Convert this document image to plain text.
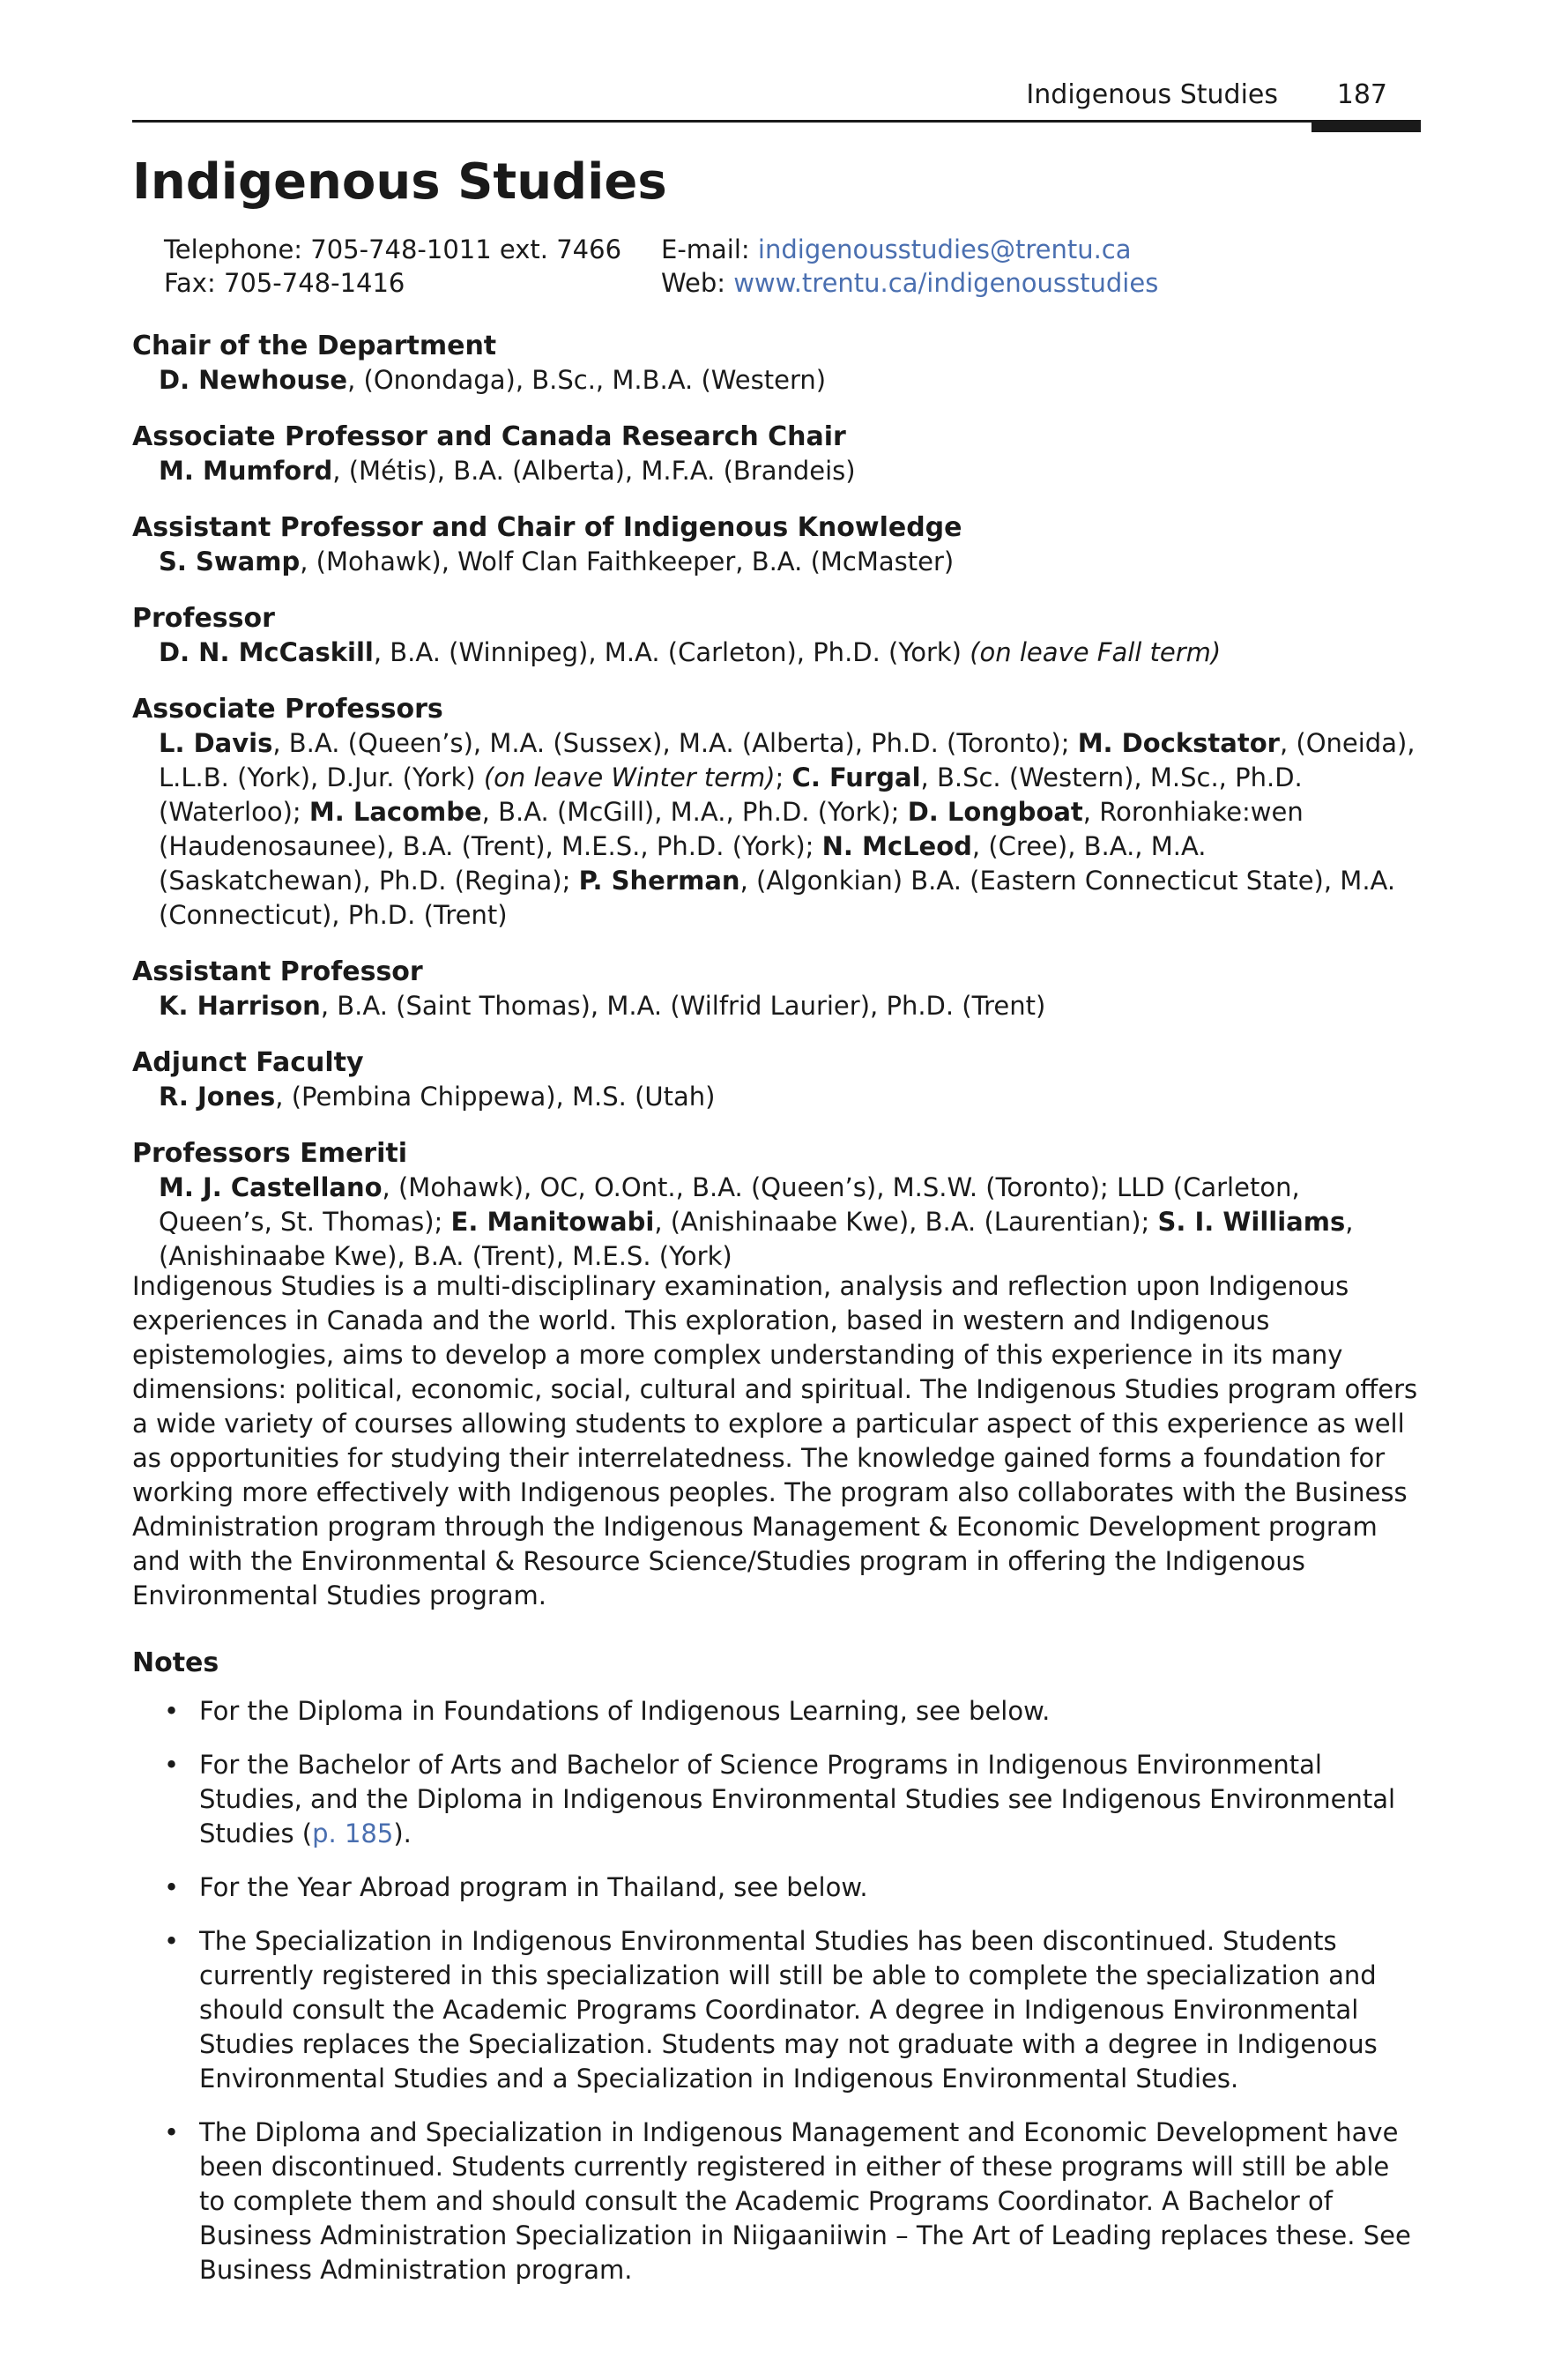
Indigenous Studies 187
Indigenous Studies
Telephone: 705-748-1011 ext. 7466
Fax: 705-748-1416
E-mail: indigenousstudies@trentu.ca
Web: www.trentu.ca/indigenousstudies
Chair of the Department
D. Newhouse, (Onondaga), B.Sc., M.B.A. (Western)
Associate Professor and Canada Research Chair
M. Mumford, (Métis), B.A. (Alberta), M.F.A. (Brandeis)
Assistant Professor and Chair of Indigenous Knowledge
S. Swamp, (Mohawk), Wolf Clan Faithkeeper, B.A. (McMaster)
Professor
D. N. McCaskill, B.A. (Winnipeg), M.A. (Carleton), Ph.D. (York) (on leave Fall term)
Associate Professors
L. Davis, B.A. (Queen’s), M.A. (Sussex), M.A. (Alberta), Ph.D. (Toronto); M. Dockstator, (Oneida), L.L.B. (York), D.Jur. (York) (on leave Winter term); C. Furgal, B.Sc. (Western), M.Sc., Ph.D. (Waterloo); M. Lacombe, B.A. (McGill), M.A., Ph.D. (York); D. Longboat, Roronhiake:wen (Haudenosaunee), B.A. (Trent), M.E.S., Ph.D. (York); N. McLeod, (Cree), B.A., M.A. (Saskatchewan), Ph.D. (Regina); P. Sherman, (Algonkian) B.A. (Eastern Connecticut State), M.A. (Connecticut), Ph.D. (Trent)
Assistant Professor
K. Harrison, B.A. (Saint Thomas), M.A. (Wilfrid Laurier), Ph.D. (Trent)
Adjunct Faculty
R. Jones, (Pembina Chippewa), M.S. (Utah)
Professors Emeriti
M. J. Castellano, (Mohawk), OC, O.Ont., B.A. (Queen’s), M.S.W. (Toronto); LLD (Carleton, Queen’s, St. Thomas); E. Manitowabi, (Anishinaabe Kwe), B.A. (Laurentian); S. I. Williams, (Anishinaabe Kwe), B.A. (Trent), M.E.S. (York)

Indigenous Studies is a multi-disciplinary examination, analysis and reflection upon Indigenous experiences in Canada and the world. This exploration, based in western and Indigenous epistemologies, aims to develop a more complex understanding of this experience in its many dimensions: political, economic, social, cultural and spiritual. The Indigenous Studies program offers a wide variety of courses allowing students to explore a particular aspect of this experience as well as opportunities for studying their interrelatedness. The knowledge gained forms a foundation for working more effectively with Indigenous peoples. The program also collaborates with the Business Administration program through the Indigenous Management & Economic Development program and with the Environmental & Resource Science/Studies program in offering the Indigenous Environmental Studies program.

Notes
• For the Diploma in Foundations of Indigenous Learning, see below.
• For the Bachelor of Arts and Bachelor of Science Programs in Indigenous Environmental Studies, and the Diploma in Indigenous Environmental Studies see Indigenous Environmental Studies (p. 185).
• For the Year Abroad program in Thailand, see below.
• The Specialization in Indigenous Environmental Studies has been discontinued. Students currently registered in this specialization will still be able to complete the specialization and should consult the Academic Programs Coordinator. A degree in Indigenous Environmental Studies replaces the Specialization. Students may not graduate with a degree in Indigenous Environmental Studies and a Specialization in Indigenous Environmental Studies.
• The Diploma and Specialization in Indigenous Management and Economic Development have been discontinued. Students currently registered in either of these programs will still be able to complete them and should consult the Academic Programs Coordinator. A Bachelor of Business Administration Specialization in Niigaaniiwin – The Art of Leading replaces these. See Business Administration program.
